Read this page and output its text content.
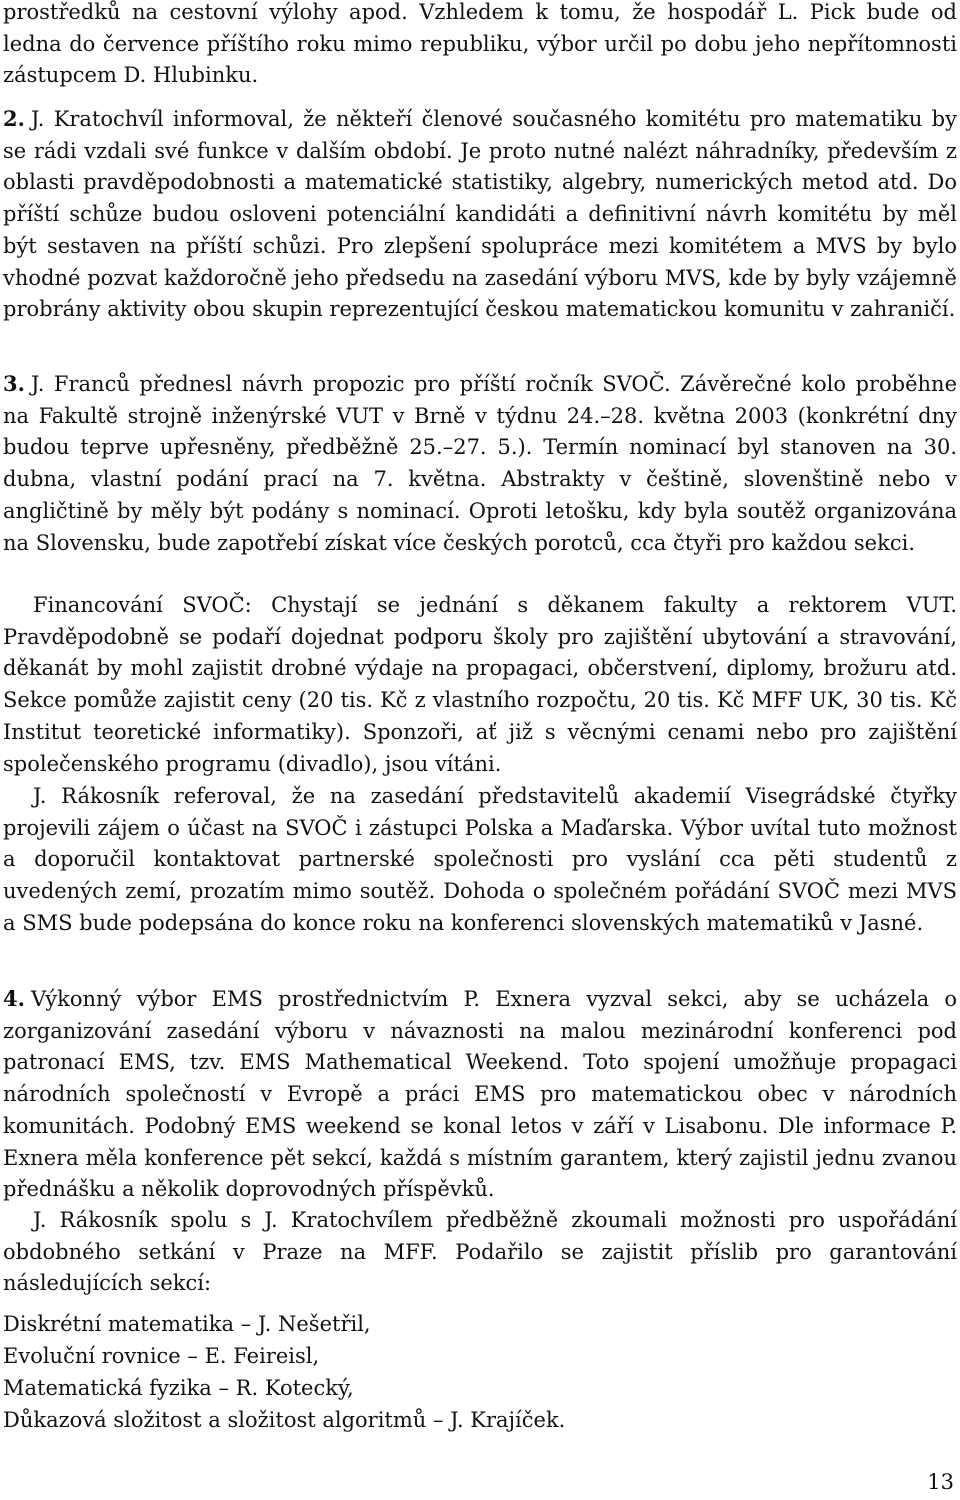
prostředků na cestovní výlohy apod. Vzhledem k tomu, že hospodář L. Pick bude od ledna do července příštího roku mimo republiku, výbor určil po dobu jeho nepřítomnosti zástupcem D. Hlubinku.

2. J. Kratochvíl informoval, že někteří členové současného komitétu pro matematiku by se rádi vzdali své funkce v dalším období. Je proto nutné nalézt náhradníky, především z oblasti pravděpodobnosti a matematické statistiky, algebry, numerických metod atd. Do příští schůze budou osloveni potenciální kandidáti a definitivní návrh komitétu by měl být sestaven na příští schůzi. Pro zlepšení spolupráce mezi komitétem a MVS by bylo vhodné pozvat každoročně jeho předsedu na zasedání výboru MVS, kde by byly vzájemně probrány aktivity obou skupin reprezentující českou matematickou komunitu v zahraničí.

3. J. Franců přednesl návrh propozic pro příští ročník SVOČ. Závěrečné kolo proběhne na Fakultě strojně inženýrské VUT v Brně v týdnu 24.–28. května 2003 (konkrétní dny budou teprve upřesněny, předběžně 25.–27. 5.). Termín nominací byl stanoven na 30. dubna, vlastní podání prací na 7. května. Abstrakty v češtině, slovenštině nebo v angličtině by měly být podány s nominací. Oproti letošku, kdy byla soutěž organizována na Slovensku, bude zapotřebí získat více českých porotců, cca čtyři pro každou sekci.

Financování SVOČ: Chystají se jednání s děkanem fakulty a rektorem VUT. Pravděpodobně se podaří dojednat podporu školy pro zajištění ubytování a stravování, děkanát by mohl zajistit drobné výdaje na propagaci, občerstvení, diplomy, brožuru atd. Sekce pomůže zajistit ceny (20 tis. Kč z vlastního rozpočtu, 20 tis. Kč MFF UK, 30 tis. Kč Institut teoretické informatiky). Sponzoři, ať již s věcnými cenami nebo pro zajištění společenského programu (divadlo), jsou vítáni.

J. Rákosník referoval, že na zasedání představitelů akademií Visegrádské čtyřky projevili zájem o účast na SVOČ i zástupci Polska a Maďarska. Výbor uvítal tuto možnost a doporučil kontaktovat partnerské společnosti pro vyslání cca pěti studentů z uvedených zemí, prozatím mimo soutěž. Dohoda o společném pořádání SVOČ mezi MVS a SMS bude podepsána do konce roku na konferenci slovenských matematiků v Jasné.

4. Výkonný výbor EMS prostřednictvím P. Exnera vyzval sekci, aby se ucházela o zorganizování zasedání výboru v návaznosti na malou mezinárodní konferenci pod patronací EMS, tzv. EMS Mathematical Weekend. Toto spojení umožňuje propagaci národních společností v Evropě a práci EMS pro matematickou obec v národních komunitách. Podobný EMS weekend se konal letos v září v Lisabonu. Dle informace P. Exnera měla konference pět sekcí, každá s místním garantem, který zajistil jednu zvanou přednášku a několik doprovodných příspěvků.

J. Rákosník spolu s J. Kratochvílem předběžně zkoumali možnosti pro uspořádání obdobného setkání v Praze na MFF. Podařilo se zajistit příslib pro garantování následujících sekcí:

Diskrétní matematika – J. Nešetřil,
Evoluční rovnice – E. Feireisl,
Matematická fyzika – R. Kotecký,
Důkazová složitost a složitost algoritmů – J. Krajíček.
13
